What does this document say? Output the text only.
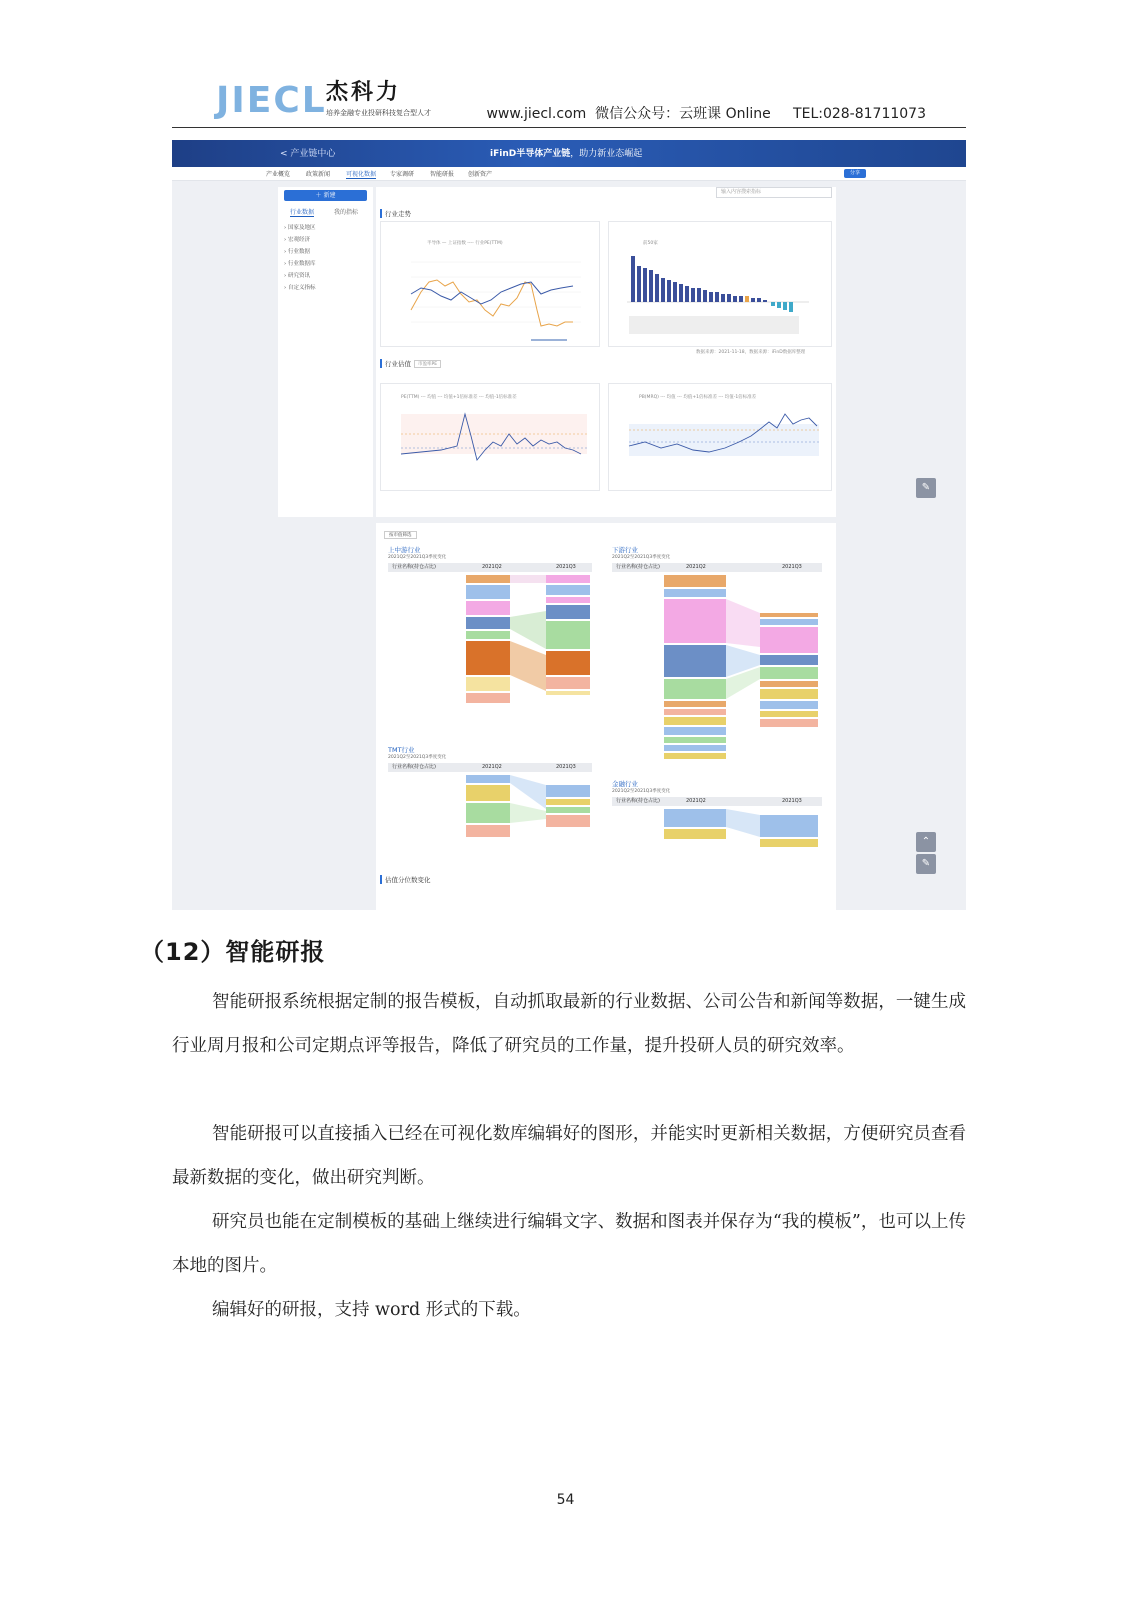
JIECL 杰科力
培养金融专业投研科技复合型人才	www.jiecl.com  微信公众号：云班课 Online     TEL:028-81711073
< 产业链中心	iFinD半导体产业链，助力新业态崛起
产业概览	政策新闻	可视化数据 专家调研	智能研报 创新资产	分享
＋ 新建
行业数据	我的指标
› 国家及地区
› 宏观经济
› 行业数据
› 行业数据库
› 研究资讯
› 自定义指标
输入内容搜索指标
行业走势
半导体 — 上证指数 ---- 行业PE(TTM)	前50家
数据来源：2021-11-18，数据来源：iFinD数据库整理
行业估值	市盈率PE
PE(TTM) --- 均值 --- 均值+1倍标准差 --- 均值-1倍标准差	PB(MRQ) --- 均值 --- 均值+1倍标准差 --- 均值-1倍标准差
按市值筛选
上中游行业
2021Q2至2021Q3季度变化
行业名称(持仓占比)	2021Q2	2021Q3
TMT行业
2021Q2至2021Q3季度变化
行业名称(持仓占比)	2021Q2	2021Q3
下游行业
2021Q2至2021Q3季度变化
行业名称(持仓占比)	2021Q2	2021Q3
金融行业
2021Q2至2021Q3季度变化
行业名称(持仓占比)	2021Q2	2021Q3
估值分位数变化
✎
⌃
✎
（12）智能研报
智能研报系统根据定制的报告模板，自动抓取最新的行业数据、公司公告和新闻等数据，一键生成行业周月报和公司定期点评等报告，降低了研究员的工作量，提升投研人员的研究效率。
智能研报可以直接插入已经在可视化数库编辑好的图形，并能实时更新相关数据，方便研究员查看最新数据的变化，做出研究判断。
研究员也能在定制模板的基础上继续进行编辑文字、数据和图表并保存为“我的模板”，也可以上传本地的图片。
编辑好的研报，支持 word 形式的下载。
54
